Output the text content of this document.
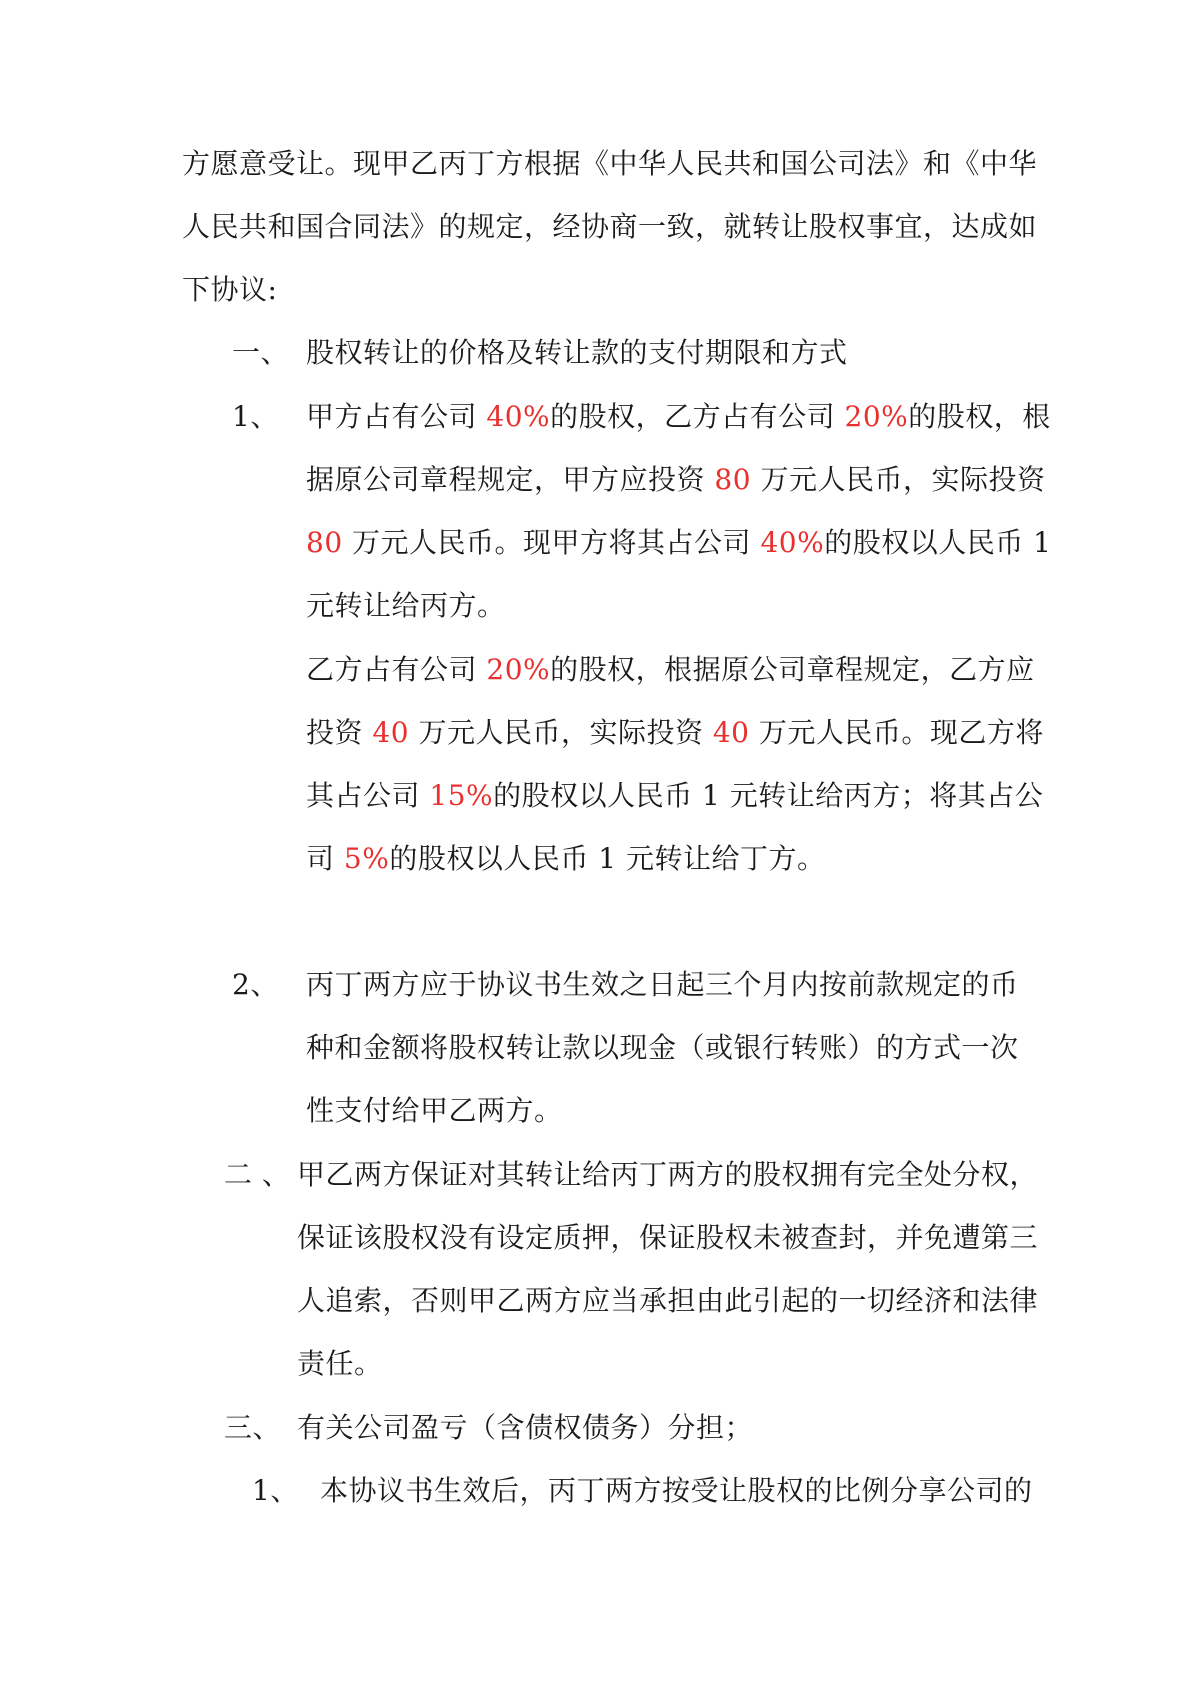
方愿意受让。现甲乙丙丁方根据《中华人民共和国公司法》和《中华
人民共和国合同法》的规定，经协商一致，就转让股权事宜，达成如
下协议:
一、 股权转让的价格及转让款的支付期限和方式
1、 甲方占有公司 40%的股权，乙方占有公司 20%的股权，根
据原公司章程规定，甲方应投资 80 万元人民币，实际投资
80 万元人民币。现甲方将其占公司 40%的股权以人民币 1
元转让给丙方。
乙方占有公司 20%的股权，根据原公司章程规定，乙方应
投资 40 万元人民币，实际投资 40 万元人民币。现乙方将
其占公司 15%的股权以人民币 1 元转让给丙方；将其占公
司 5%的股权以人民币 1 元转让给丁方。
2、 丙丁两方应于协议书生效之日起三个月内按前款规定的币
种和金额将股权转让款以现金（或银行转账）的方式一次
性支付给甲乙两方。
二 、 甲乙两方保证对其转让给丙丁两方的股权拥有完全处分权，
保证该股权没有设定质押，保证股权未被查封，并免遭第三
人追索，否则甲乙两方应当承担由此引起的一切经济和法律
责任。
三、 有关公司盈亏（含债权债务）分担；
1、 本协议书生效后，丙丁两方按受让股权的比例分享公司的
